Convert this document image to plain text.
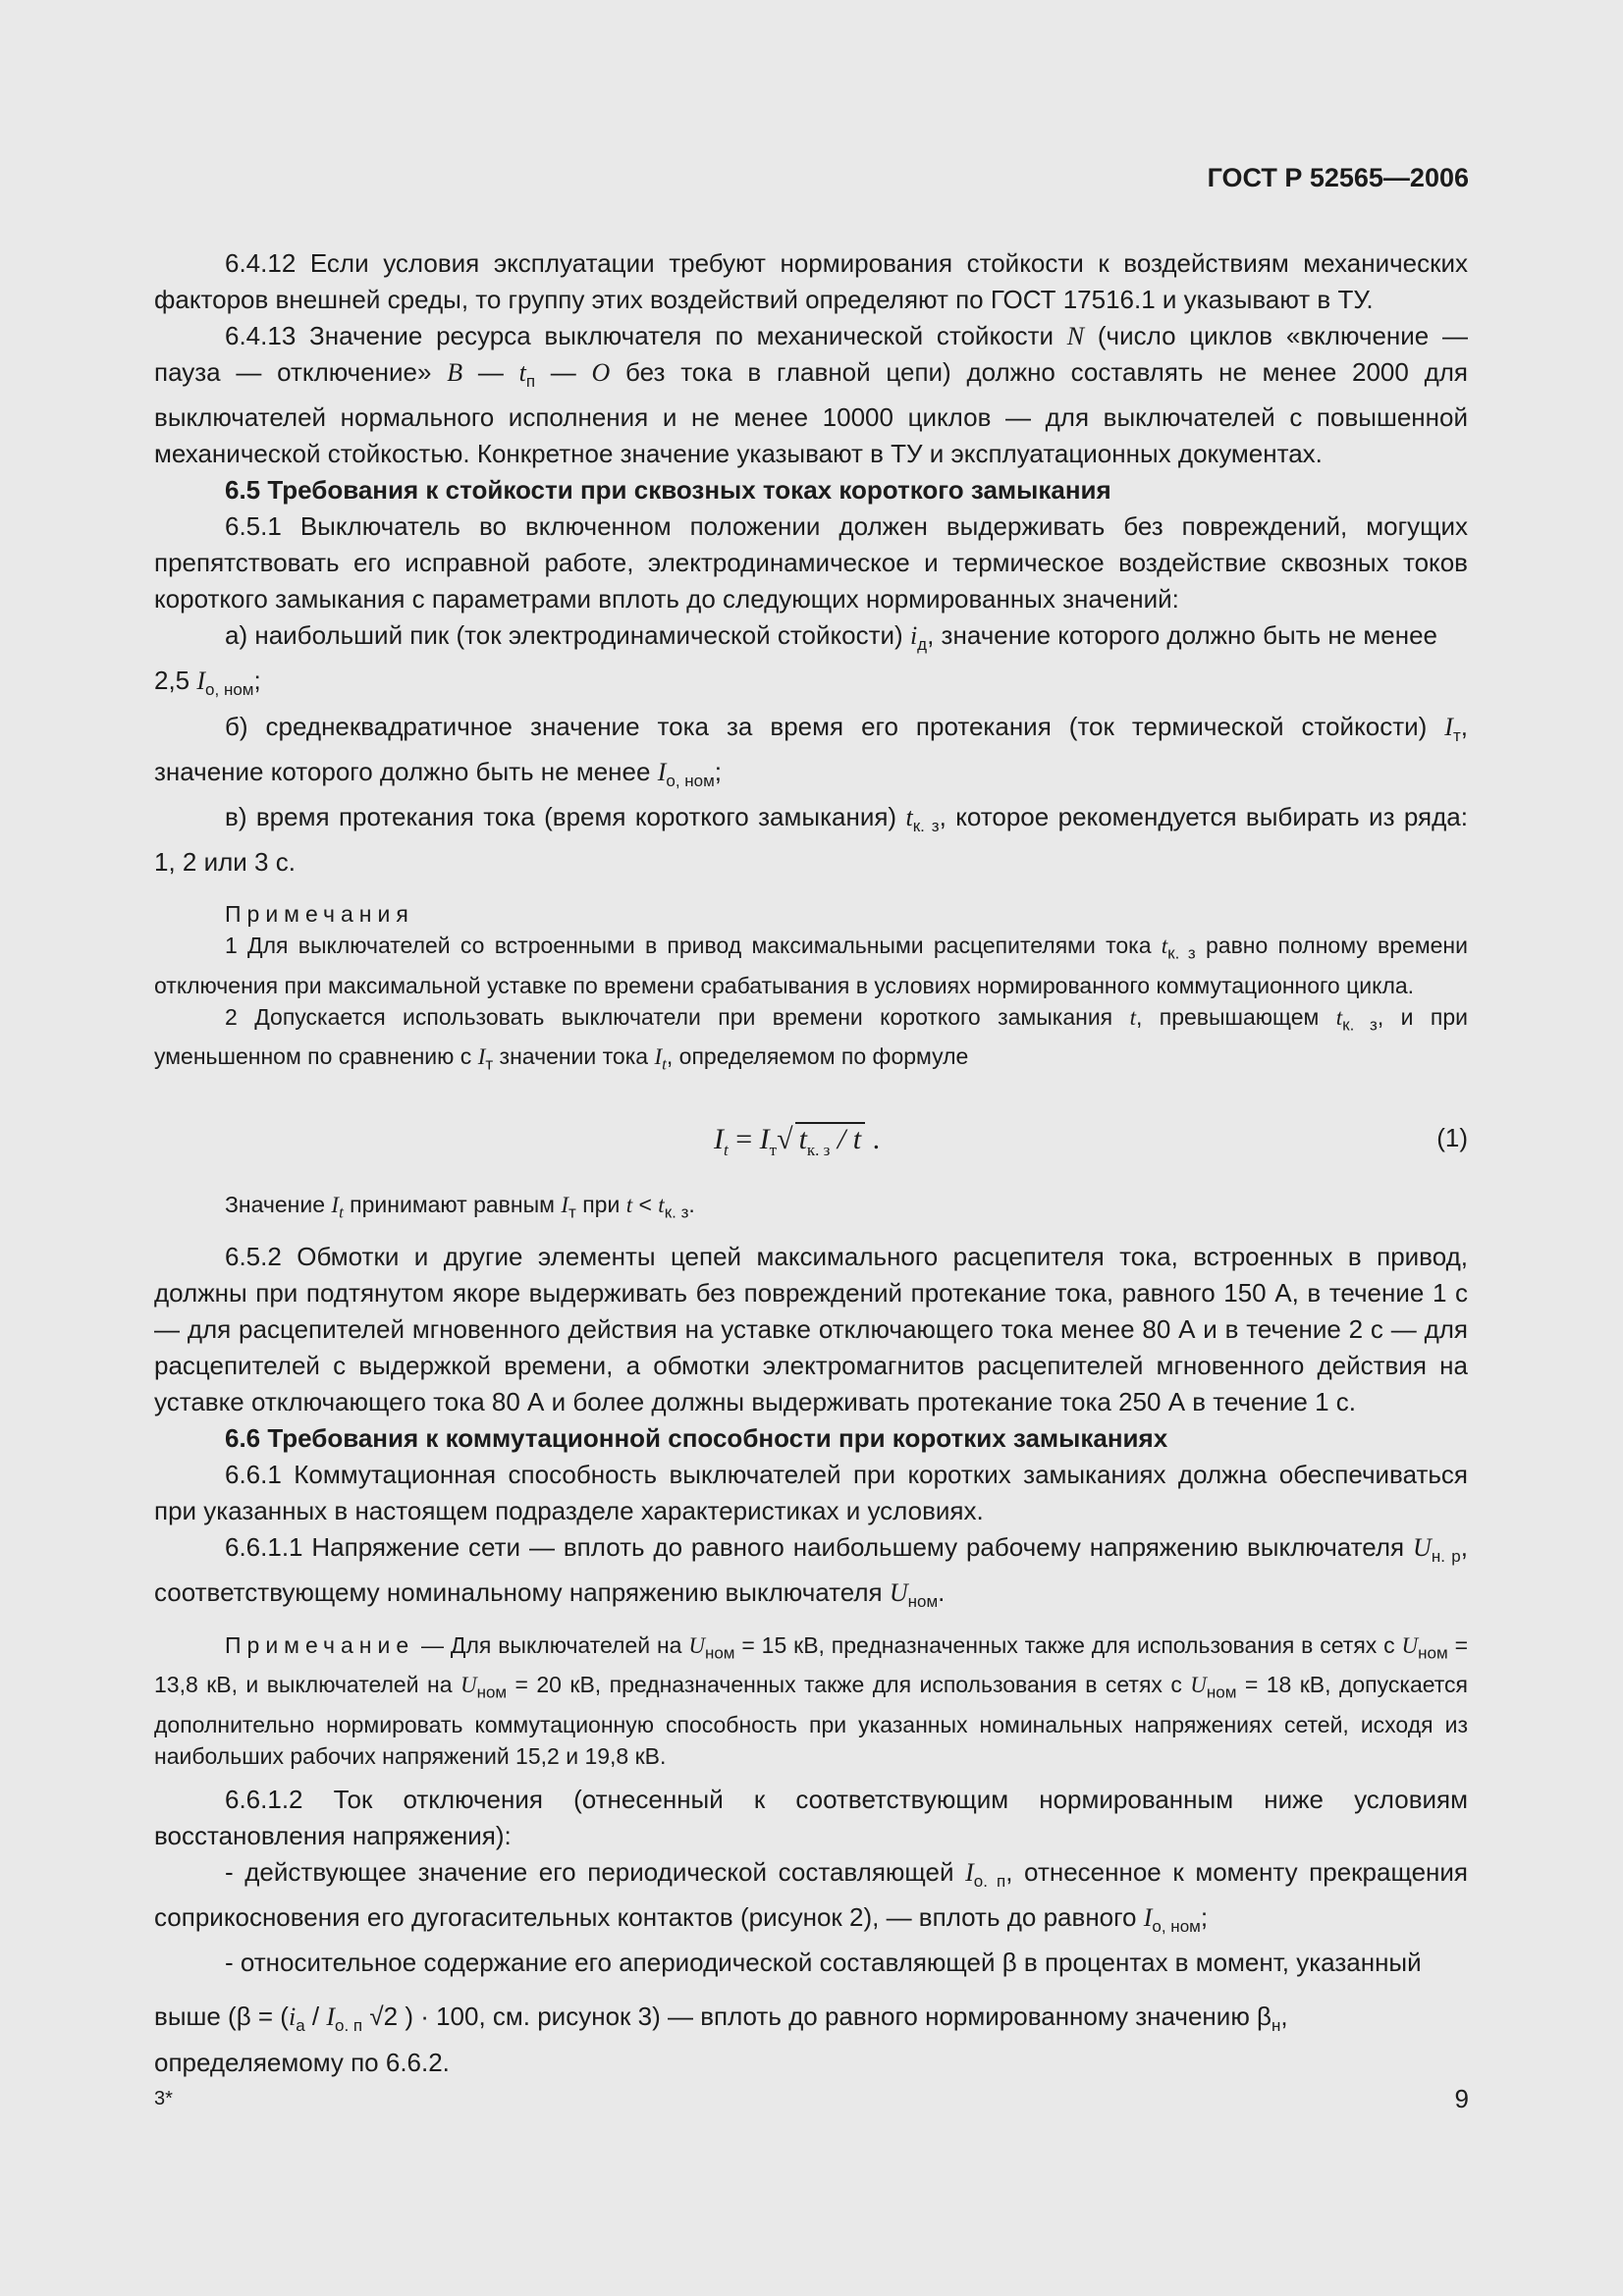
ГОСТ Р 52565—2006

6.4.12 Если условия эксплуатации требуют нормирования стойкости к воздействиям механических факторов внешней среды, то группу этих воздействий определяют по ГОСТ 17516.1 и указывают в ТУ.

6.4.13 Значение ресурса выключателя по механической стойкости N (число циклов «включение — пауза — отключение» В — $t_п$ — О без тока в главной цепи) должно составлять не менее 2000 для выключателей нормального исполнения и не менее 10000 циклов — для выключателей с повышенной механической стойкостью. Конкретное значение указывают в ТУ и эксплуатационных документах.

6.5 Требования к стойкости при сквозных токах короткого замыкания

6.5.1 Выключатель во включенном положении должен выдерживать без повреждений, могущих препятствовать его исправной работе, электродинамическое и термическое воздействие сквозных токов короткого замыкания с параметрами вплоть до следующих нормированных значений:

а) наибольший пик (ток электродинамической стойкости) $i_д$, значение которого должно быть не менее

2,5 $I_{о, ном}$;

б) среднеквадратичное значение тока за время его протекания (ток термической стойкости) $I_т$, значение которого должно быть не менее $I_{о, ном}$;

в) время протекания тока (время короткого замыкания) $t_{к. з}$, которое рекомендуется выбирать из ряда: 1, 2 или 3 с.

Примечания

1 Для выключателей со встроенными в привод максимальными расцепителями тока $t_{к. з}$ равно полному времени отключения при максимальной уставке по времени срабатывания в условиях нормированного коммутационного цикла.

2 Допускается использовать выключатели при времени короткого замыкания t, превышающем $t_{к. з}$, и при уменьшенном по сравнению с $I_т$ значении тока $I_t$, определяемом по формуле

$I_t = I_т√$ $t_{к. з}$ / t .	(1)

Значение $I_t$ принимают равным $I_т$ при $t < t_{к. з}$.

6.5.2 Обмотки и другие элементы цепей максимального расцепителя тока, встроенных в привод, должны при подтянутом якоре выдерживать без повреждений протекание тока, равного 150 А, в течение 1 с — для расцепителей мгновенного действия на уставке отключающего тока менее 80 А и в течение 2 с — для расцепителей с выдержкой времени, а обмотки электромагнитов расцепителей мгновенного действия на уставке отключающего тока 80 А и более должны выдерживать протекание тока 250 А в течение 1 с.

6.6 Требования к коммутационной способности при коротких замыканиях

6.6.1 Коммутационная способность выключателей при коротких замыканиях должна обеспечиваться при указанных в настоящем подразделе характеристиках и условиях.

6.6.1.1 Напряжение сети — вплоть до равного наибольшему рабочему напряжению выключателя $U_{н. р}$, соответствующему номинальному напряжению выключателя $U_{ном}$.

Примечание — Для выключателей на $U_{ном} = 15$ кВ, предназначенных также для использования в сетях с $U_{ном} = 13,8$ кВ, и выключателей на $U_{ном} = 20$ кВ, предназначенных также для использования в сетях с $U_{ном} = 18$ кВ, допускается дополнительно нормировать коммутационную способность при указанных номинальных напряжениях сетей, исходя из наибольших рабочих напряжений 15,2 и 19,8 кВ.

6.6.1.2 Ток отключения (отнесенный к соответствующим нормированным ниже условиям восстановления напряжения):

- действующее значение его периодической составляющей $I_{о. п}$, отнесенное к моменту прекращения соприкосновения его дугогасительных контактов (рисунок 2), — вплоть до равного $I_{о, ном}$;

- относительное содержание его апериодической составляющей β в процентах в момент, указанный

выше ($\beta = (i_а / I_{о. п}$ √2 ) · 100, см. рисунок 3) — вплоть до равного нормированному значению $\beta_н$,

определяемому по 6.6.2.

3*	9
